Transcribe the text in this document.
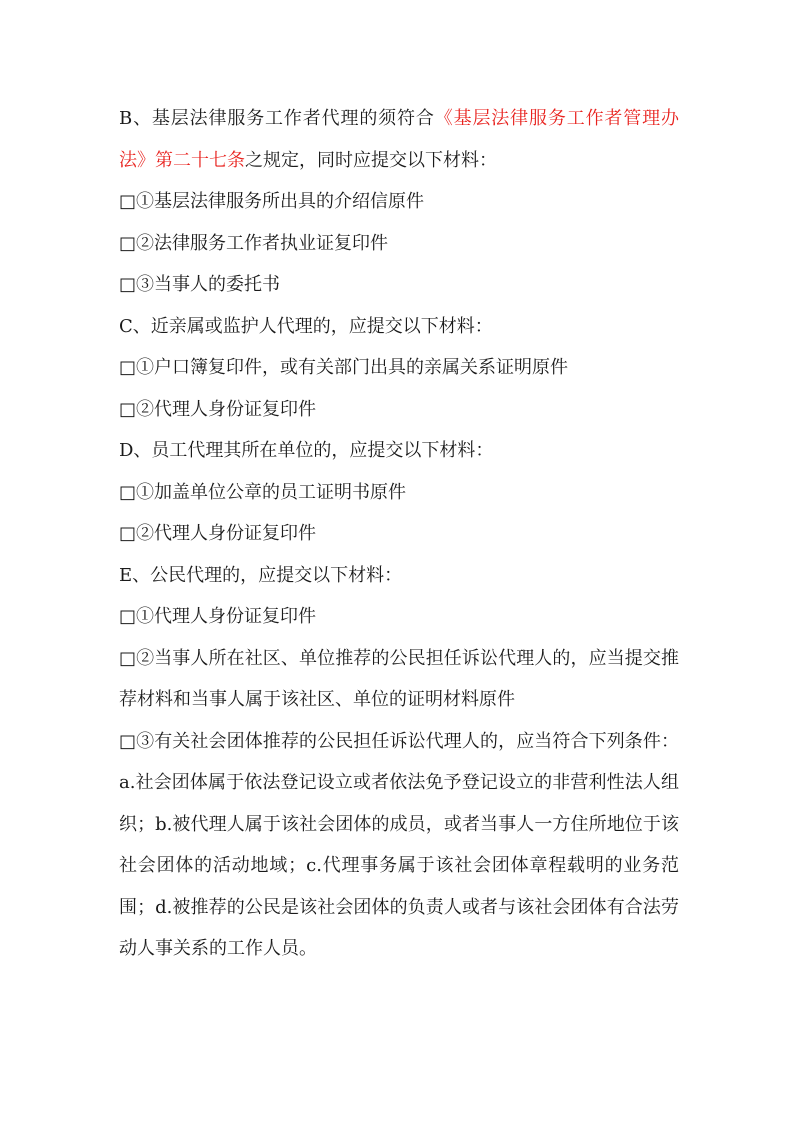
B、基层法律服务工作者代理的须符合《基层法律服务工作者管理办法》第二十七条之规定，同时应提交以下材料：
□①基层法律服务所出具的介绍信原件
□②法律服务工作者执业证复印件
□③当事人的委托书
C、近亲属或监护人代理的，应提交以下材料：
□①户口簿复印件，或有关部门出具的亲属关系证明原件
□②代理人身份证复印件
D、员工代理其所在单位的，应提交以下材料：
□①加盖单位公章的员工证明书原件
□②代理人身份证复印件
E、公民代理的，应提交以下材料：
□①代理人身份证复印件
□②当事人所在社区、单位推荐的公民担任诉讼代理人的，应当提交推荐材料和当事人属于该社区、单位的证明材料原件
□③有关社会团体推荐的公民担任诉讼代理人的，应当符合下列条件：a.社会团体属于依法登记设立或者依法免予登记设立的非营利性法人组织；b.被代理人属于该社会团体的成员，或者当事人一方住所地位于该社会团体的活动地域；c.代理事务属于该社会团体章程载明的业务范围；d.被推荐的公民是该社会团体的负责人或者与该社会团体有合法劳动人事关系的工作人员。
